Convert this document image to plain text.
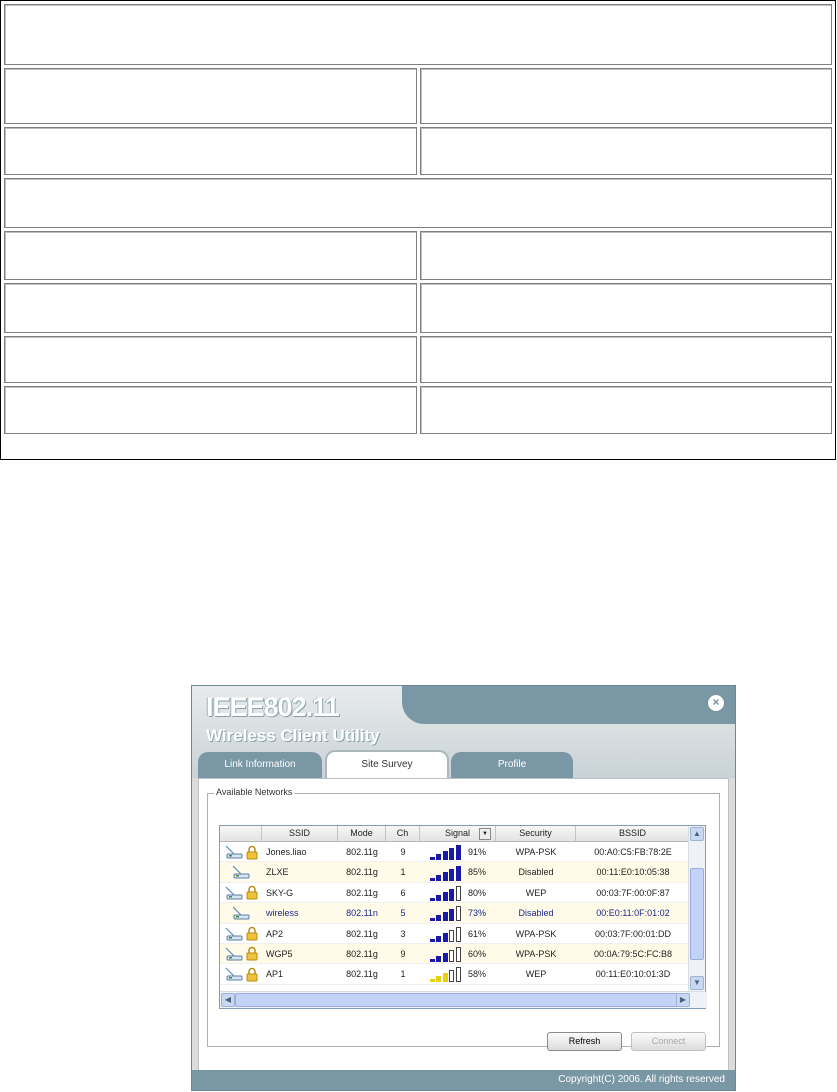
IEEE802.11
Wireless Client Utility
×
Link Information	Site Survey	Profile
Available Networks
Refresh	Connect
SSID	Mode	Ch	Signal	▼	Security	BSSID
Jones.liao	802.11g	9	91%	WPA-PSK	00:A0:C5:FB:78:2E
ZLXE	802.11g	1	85%	Disabled	00:11:E0:10:05:38
SKY-G	802.11g	6	80%	WEP	00:03:7F:00:0F:87
wireless	802.11n	5	73%	Disabled	00:E0:11:0F:01:02
AP2	802.11g	3	61%	WPA-PSK	00:03:7F:00:01:DD
WGP5	802.11g	9	60%	WPA-PSK	00:0A:79:5C:FC:B8
AP1	802.11g	1	58%	WEP	00:11:E0:10:01:3D
▲
▼
◀	▶
Copyright(C) 2006. All rights reserved
